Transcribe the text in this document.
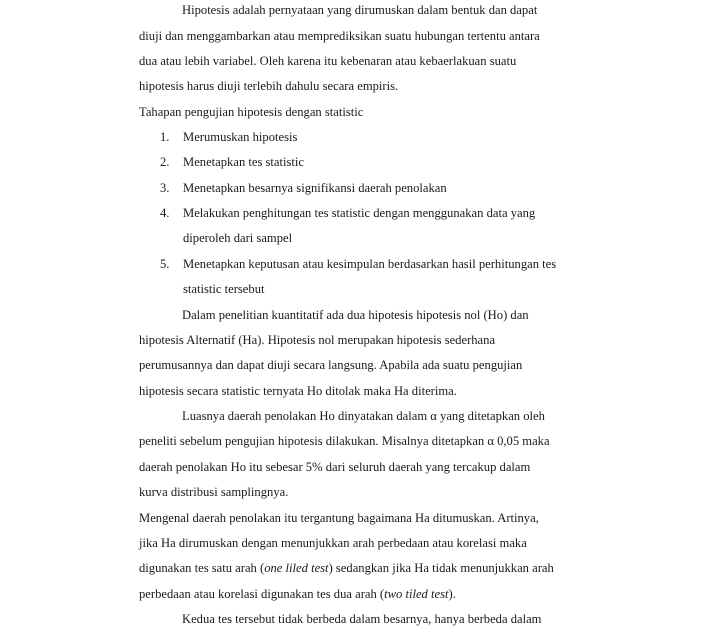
Hipotesis adalah pernyataan yang dirumuskan dalam bentuk dan dapat
diuji dan menggambarkan atau memprediksikan suatu hubungan tertentu antara
dua atau lebih variabel. Oleh karena itu kebenaran atau kebaerlakuan suatu
hipotesis harus diuji terlebih dahulu secara empiris.
Tahapan pengujian hipotesis dengan statistic
1. Merumuskan hipotesis
2. Menetapkan tes statistic
3. Menetapkan besarnya signifikansi daerah penolakan
4. Melakukan penghitungan tes statistic dengan menggunakan data yang
diperoleh dari sampel
5. Menetapkan keputusan atau kesimpulan berdasarkan hasil perhitungan tes
statistic tersebut
Dalam penelitian kuantitatif ada dua hipotesis hipotesis nol (Ho) dan
hipotesis Alternatif (Ha). Hipotesis nol merupakan hipotesis sederhana
perumusannya dan dapat diuji secara langsung. Apabila ada suatu pengujian
hipotesis secara statistic ternyata Ho ditolak maka Ha diterima.
Luasnya daerah penolakan Ho dinyatakan dalam α yang ditetapkan oleh
peneliti sebelum pengujian hipotesis dilakukan. Misalnya ditetapkan α 0,05 maka
daerah penolakan Ho itu sebesar 5% dari seluruh daerah yang tercakup dalam
kurva distribusi samplingnya.
Mengenal daerah penolakan itu tergantung bagaimana Ha ditumuskan. Artinya,
jika Ha dirumuskan dengan menunjukkan arah perbedaan atau korelasi maka
digunakan tes satu arah (one liled test) sedangkan jika Ha tidak menunjukkan arah
perbedaan atau korelasi digunakan tes dua arah (two tiled test).
Kedua tes tersebut tidak berbeda dalam besarnya, hanya berbeda dalam
